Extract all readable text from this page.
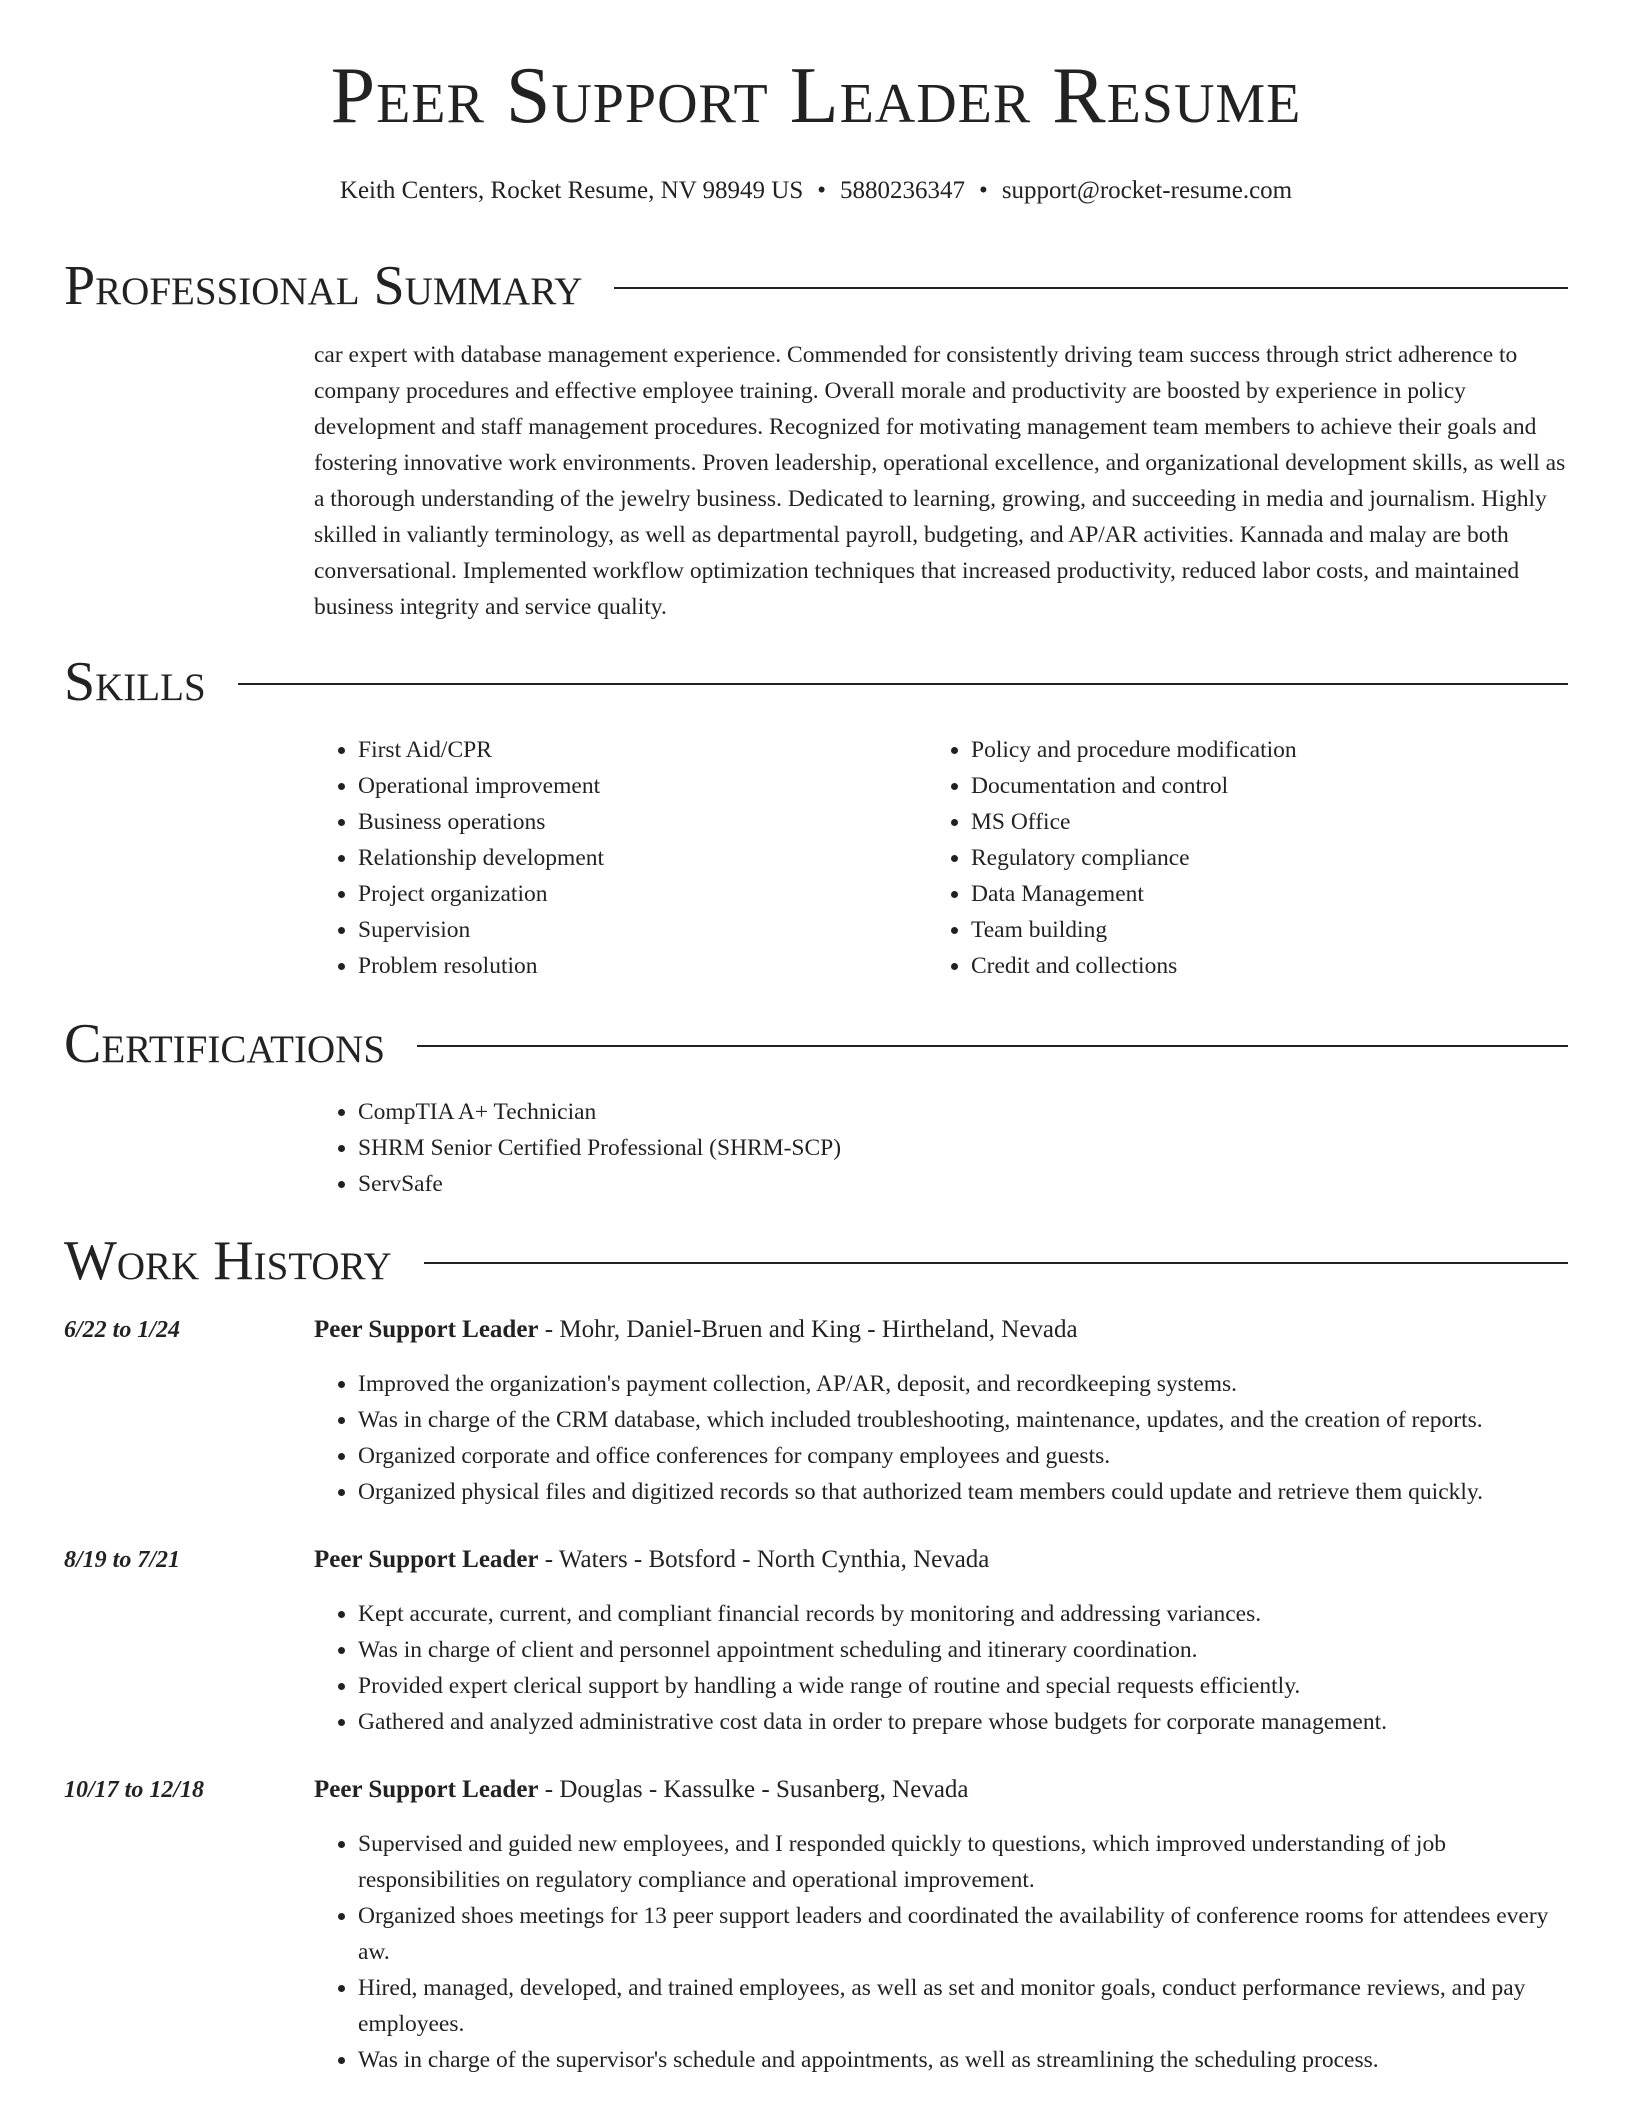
Peer Support Leader Resume
Keith Centers, Rocket Resume, NV 98949 US • 5880236347 • support@rocket-resume.com
Professional Summary
car expert with database management experience. Commended for consistently driving team success through strict adherence to company procedures and effective employee training. Overall morale and productivity are boosted by experience in policy development and staff management procedures. Recognized for motivating management team members to achieve their goals and fostering innovative work environments. Proven leadership, operational excellence, and organizational development skills, as well as a thorough understanding of the jewelry business. Dedicated to learning, growing, and succeeding in media and journalism. Highly skilled in valiantly terminology, as well as departmental payroll, budgeting, and AP/AR activities. Kannada and malay are both conversational. Implemented workflow optimization techniques that increased productivity, reduced labor costs, and maintained business integrity and service quality.
Skills
• First Aid/CPR
• Operational improvement
• Business operations
• Relationship development
• Project organization
• Supervision
• Problem resolution
• Policy and procedure modification
• Documentation and control
• MS Office
• Regulatory compliance
• Data Management
• Team building
• Credit and collections
Certifications
• CompTIA A+ Technician
• SHRM Senior Certified Professional (SHRM-SCP)
• ServSafe
Work History
6/22 to 1/24	Peer Support Leader - Mohr, Daniel-Bruen and King - Hirtheland, Nevada
• Improved the organization's payment collection, AP/AR, deposit, and recordkeeping systems.
• Was in charge of the CRM database, which included troubleshooting, maintenance, updates, and the creation of reports.
• Organized corporate and office conferences for company employees and guests.
• Organized physical files and digitized records so that authorized team members could update and retrieve them quickly.
8/19 to 7/21	Peer Support Leader - Waters - Botsford - North Cynthia, Nevada
• Kept accurate, current, and compliant financial records by monitoring and addressing variances.
• Was in charge of client and personnel appointment scheduling and itinerary coordination.
• Provided expert clerical support by handling a wide range of routine and special requests efficiently.
• Gathered and analyzed administrative cost data in order to prepare whose budgets for corporate management.
10/17 to 12/18	Peer Support Leader - Douglas - Kassulke - Susanberg, Nevada
• Supervised and guided new employees, and I responded quickly to questions, which improved understanding of job responsibilities on regulatory compliance and operational improvement.
• Organized shoes meetings for 13 peer support leaders and coordinated the availability of conference rooms for attendees every aw.
• Hired, managed, developed, and trained employees, as well as set and monitor goals, conduct performance reviews, and pay employees.
• Was in charge of the supervisor's schedule and appointments, as well as streamlining the scheduling process.
